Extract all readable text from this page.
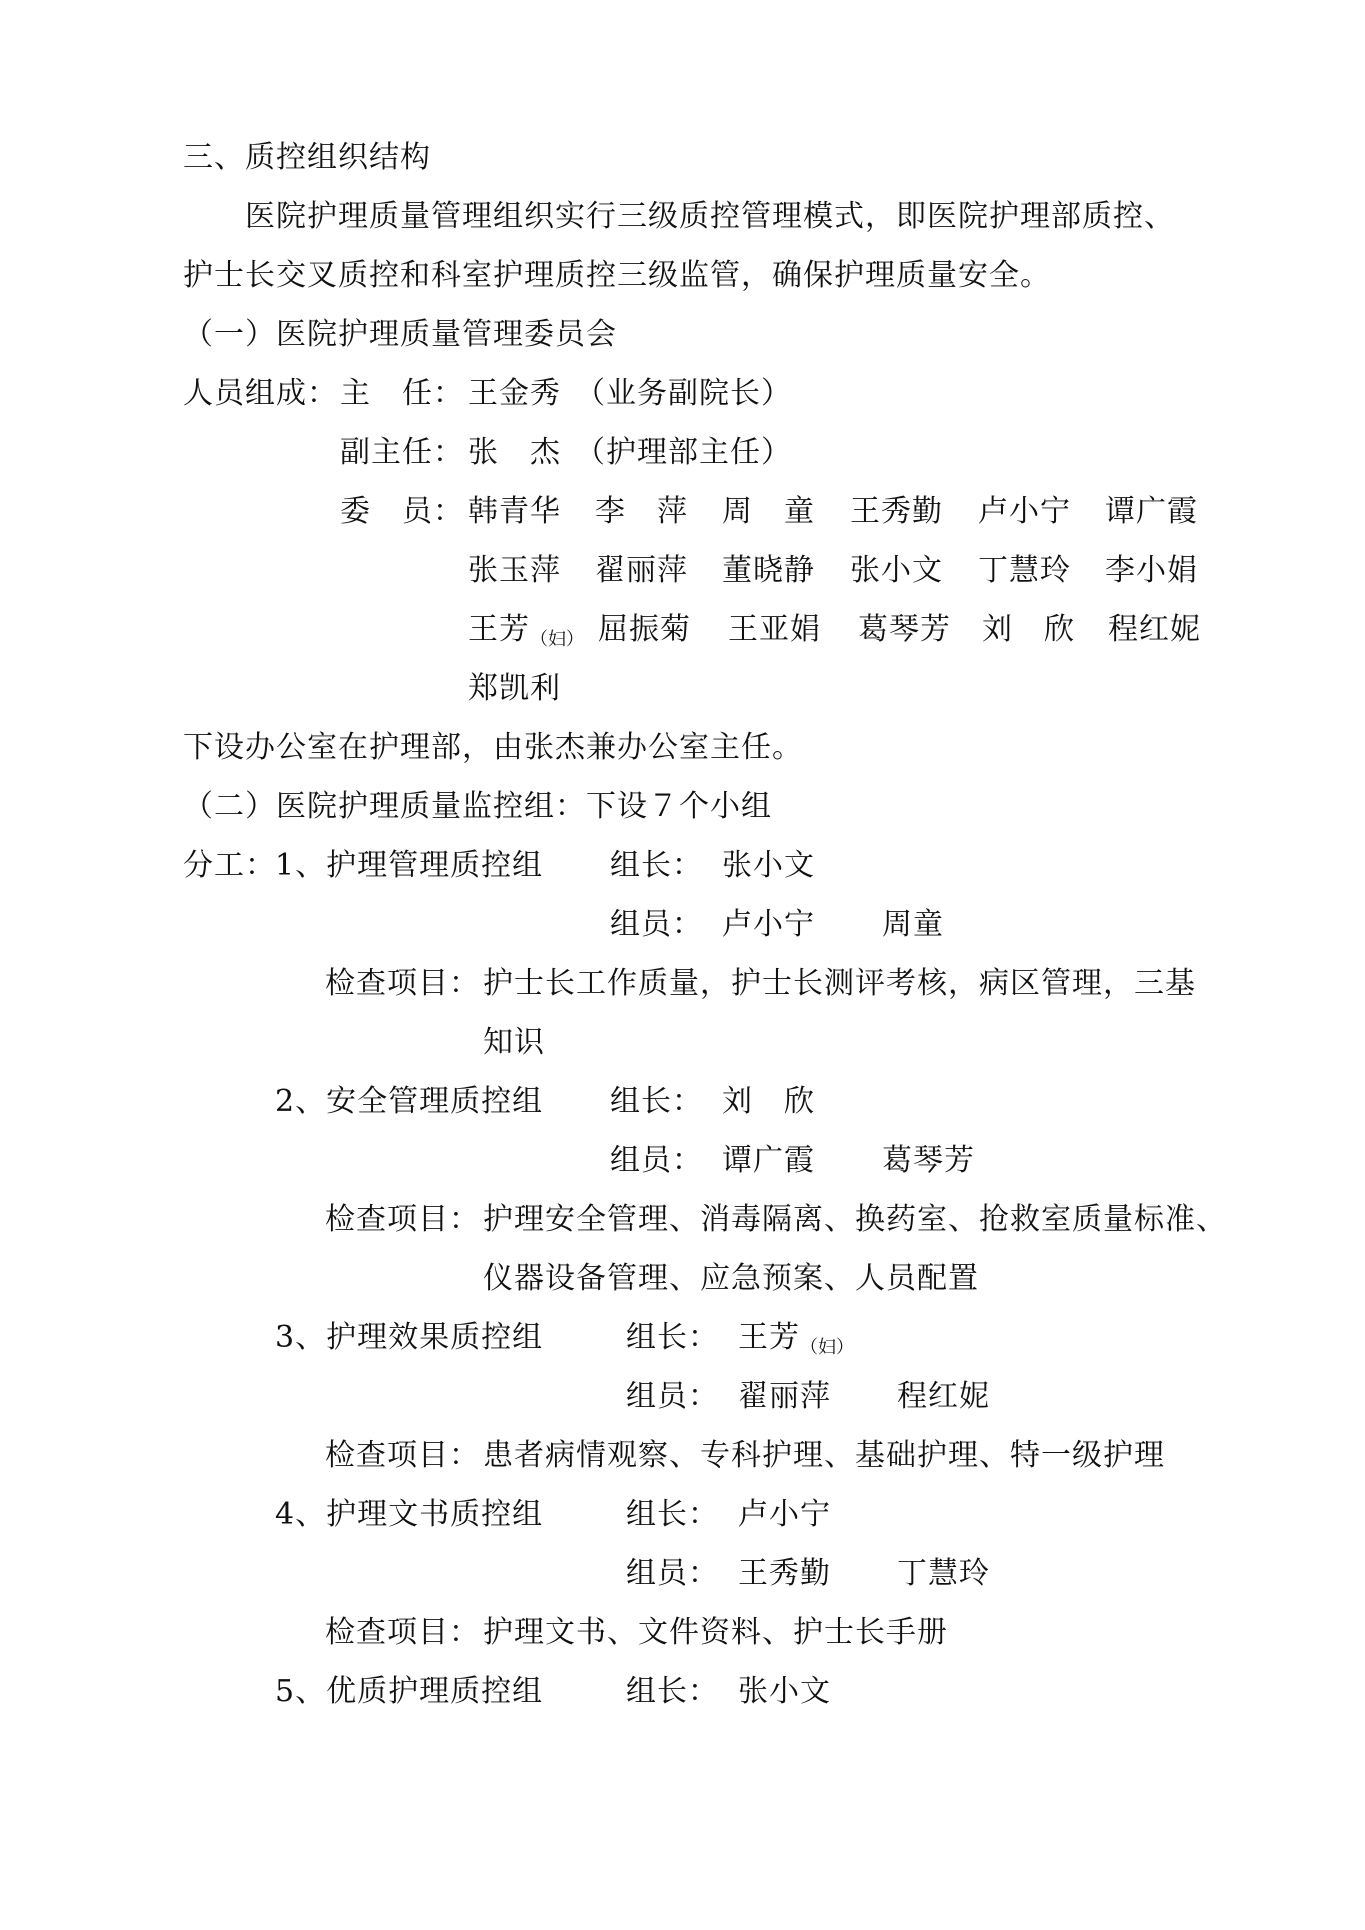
三、质控组织结构
医院护理质量管理组织实行三级质控管理模式，即医院护理部质控、
护士长交叉质控和科室护理质控三级监管，确保护理质量安全。
（一）医院护理质量管理委员会
人员组成： 主　任： 王金秀 （业务副院长）
副主任： 张　杰 （护理部主任）
委　员： 韩青华 李　萍 周　童 王秀勤 卢小宁 谭广霞
张玉萍 翟丽萍 董晓静 张小文 丁慧玲 李小娟
王芳$_{(妇)}$ 屈振菊 王亚娟 葛琴芳 刘　欣 程红妮
郑凯利
下设办公室在护理部，由张杰兼办公室主任。
（二）医院护理质量监控组：下设７个小组
分工： 1、护理管理质控组 组长： 张小文
组员： 卢小宁 周童
检查项目： 护士长工作质量，护士长测评考核，病区管理，三基
知识
2、安全管理质控组 组长： 刘　欣
组员： 谭广霞 葛琴芳
检查项目： 护理安全管理、消毒隔离、换药室、抢救室质量标准、
仪器设备管理、应急预案、人员配置
3、护理效果质控组	组长： 王芳$_{(妇)}$
组员： 翟丽萍 程红妮
检查项目： 患者病情观察、专科护理、基础护理、特一级护理
4、护理文书质控组	组长： 卢小宁
组员： 王秀勤 丁慧玲
检查项目： 护理文书、文件资料、护士长手册
5、优质护理质控组	组长： 张小文
